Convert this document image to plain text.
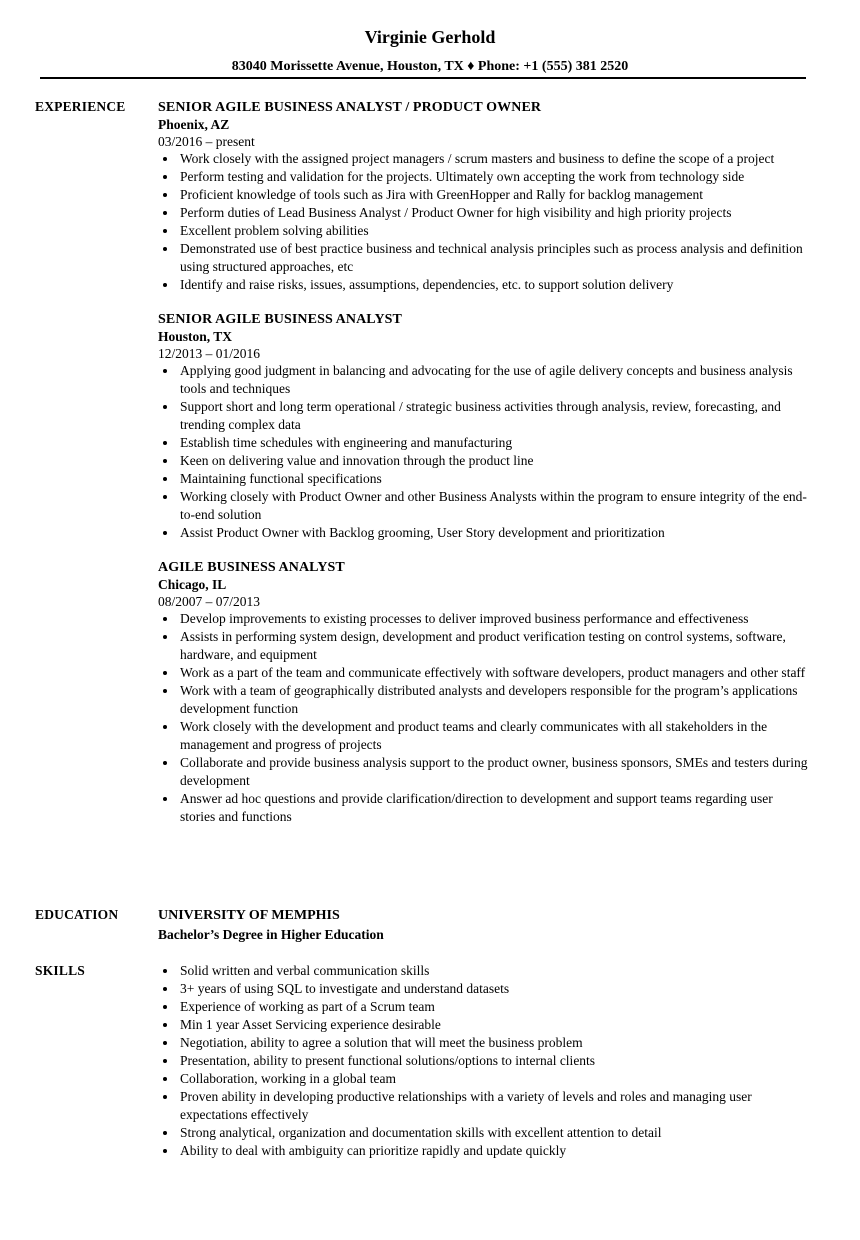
Virginie Gerhold
83040 Morissette Avenue, Houston, TX ♦ Phone: +1 (555) 381 2520
EXPERIENCE SENIOR AGILE BUSINESS ANALYST / PRODUCT OWNER
Phoenix, AZ
03/2016 – present
Work closely with the assigned project managers / scrum masters and business to define the scope of a project
Perform testing and validation for the projects. Ultimately own accepting the work from technology side
Proficient knowledge of tools such as Jira with GreenHopper and Rally for backlog management
Perform duties of Lead Business Analyst / Product Owner for high visibility and high priority projects
Excellent problem solving abilities
Demonstrated use of best practice business and technical analysis principles such as process analysis and definition using structured approaches, etc
Identify and raise risks, issues, assumptions, dependencies, etc. to support solution delivery
SENIOR AGILE BUSINESS ANALYST
Houston, TX
12/2013 – 01/2016
Applying good judgment in balancing and advocating for the use of agile delivery concepts and business analysis tools and techniques
Support short and long term operational / strategic business activities through analysis, review, forecasting, and trending complex data
Establish time schedules with engineering and manufacturing
Keen on delivering value and innovation through the product line
Maintaining functional specifications
Working closely with Product Owner and other Business Analysts within the program to ensure integrity of the end-to-end solution
Assist Product Owner with Backlog grooming, User Story development and prioritization
AGILE BUSINESS ANALYST
Chicago, IL
08/2007 – 07/2013
Develop improvements to existing processes to deliver improved business performance and effectiveness
Assists in performing system design, development and product verification testing on control systems, software, hardware, and equipment
Work as a part of the team and communicate effectively with software developers, product managers and other staff
Work with a team of geographically distributed analysts and developers responsible for the program’s applications development function
Work closely with the development and product teams and clearly communicates with all stakeholders in the management and progress of projects
Collaborate and provide business analysis support to the product owner, business sponsors, SMEs and testers during development
Answer ad hoc questions and provide clarification/direction to development and support teams regarding user stories and functions
EDUCATION	UNIVERSITY OF MEMPHIS
Bachelor’s Degree in Higher Education
SKILLS	Solid written and verbal communication skills
3+ years of using SQL to investigate and understand datasets
Experience of working as part of a Scrum team
Min 1 year Asset Servicing experience desirable
Negotiation, ability to agree a solution that will meet the business problem
Presentation, ability to present functional solutions/options to internal clients
Collaboration, working in a global team
Proven ability in developing productive relationships with a variety of levels and roles and managing user expectations effectively
Strong analytical, organization and documentation skills with excellent attention to detail
Ability to deal with ambiguity can prioritize rapidly and update quickly
